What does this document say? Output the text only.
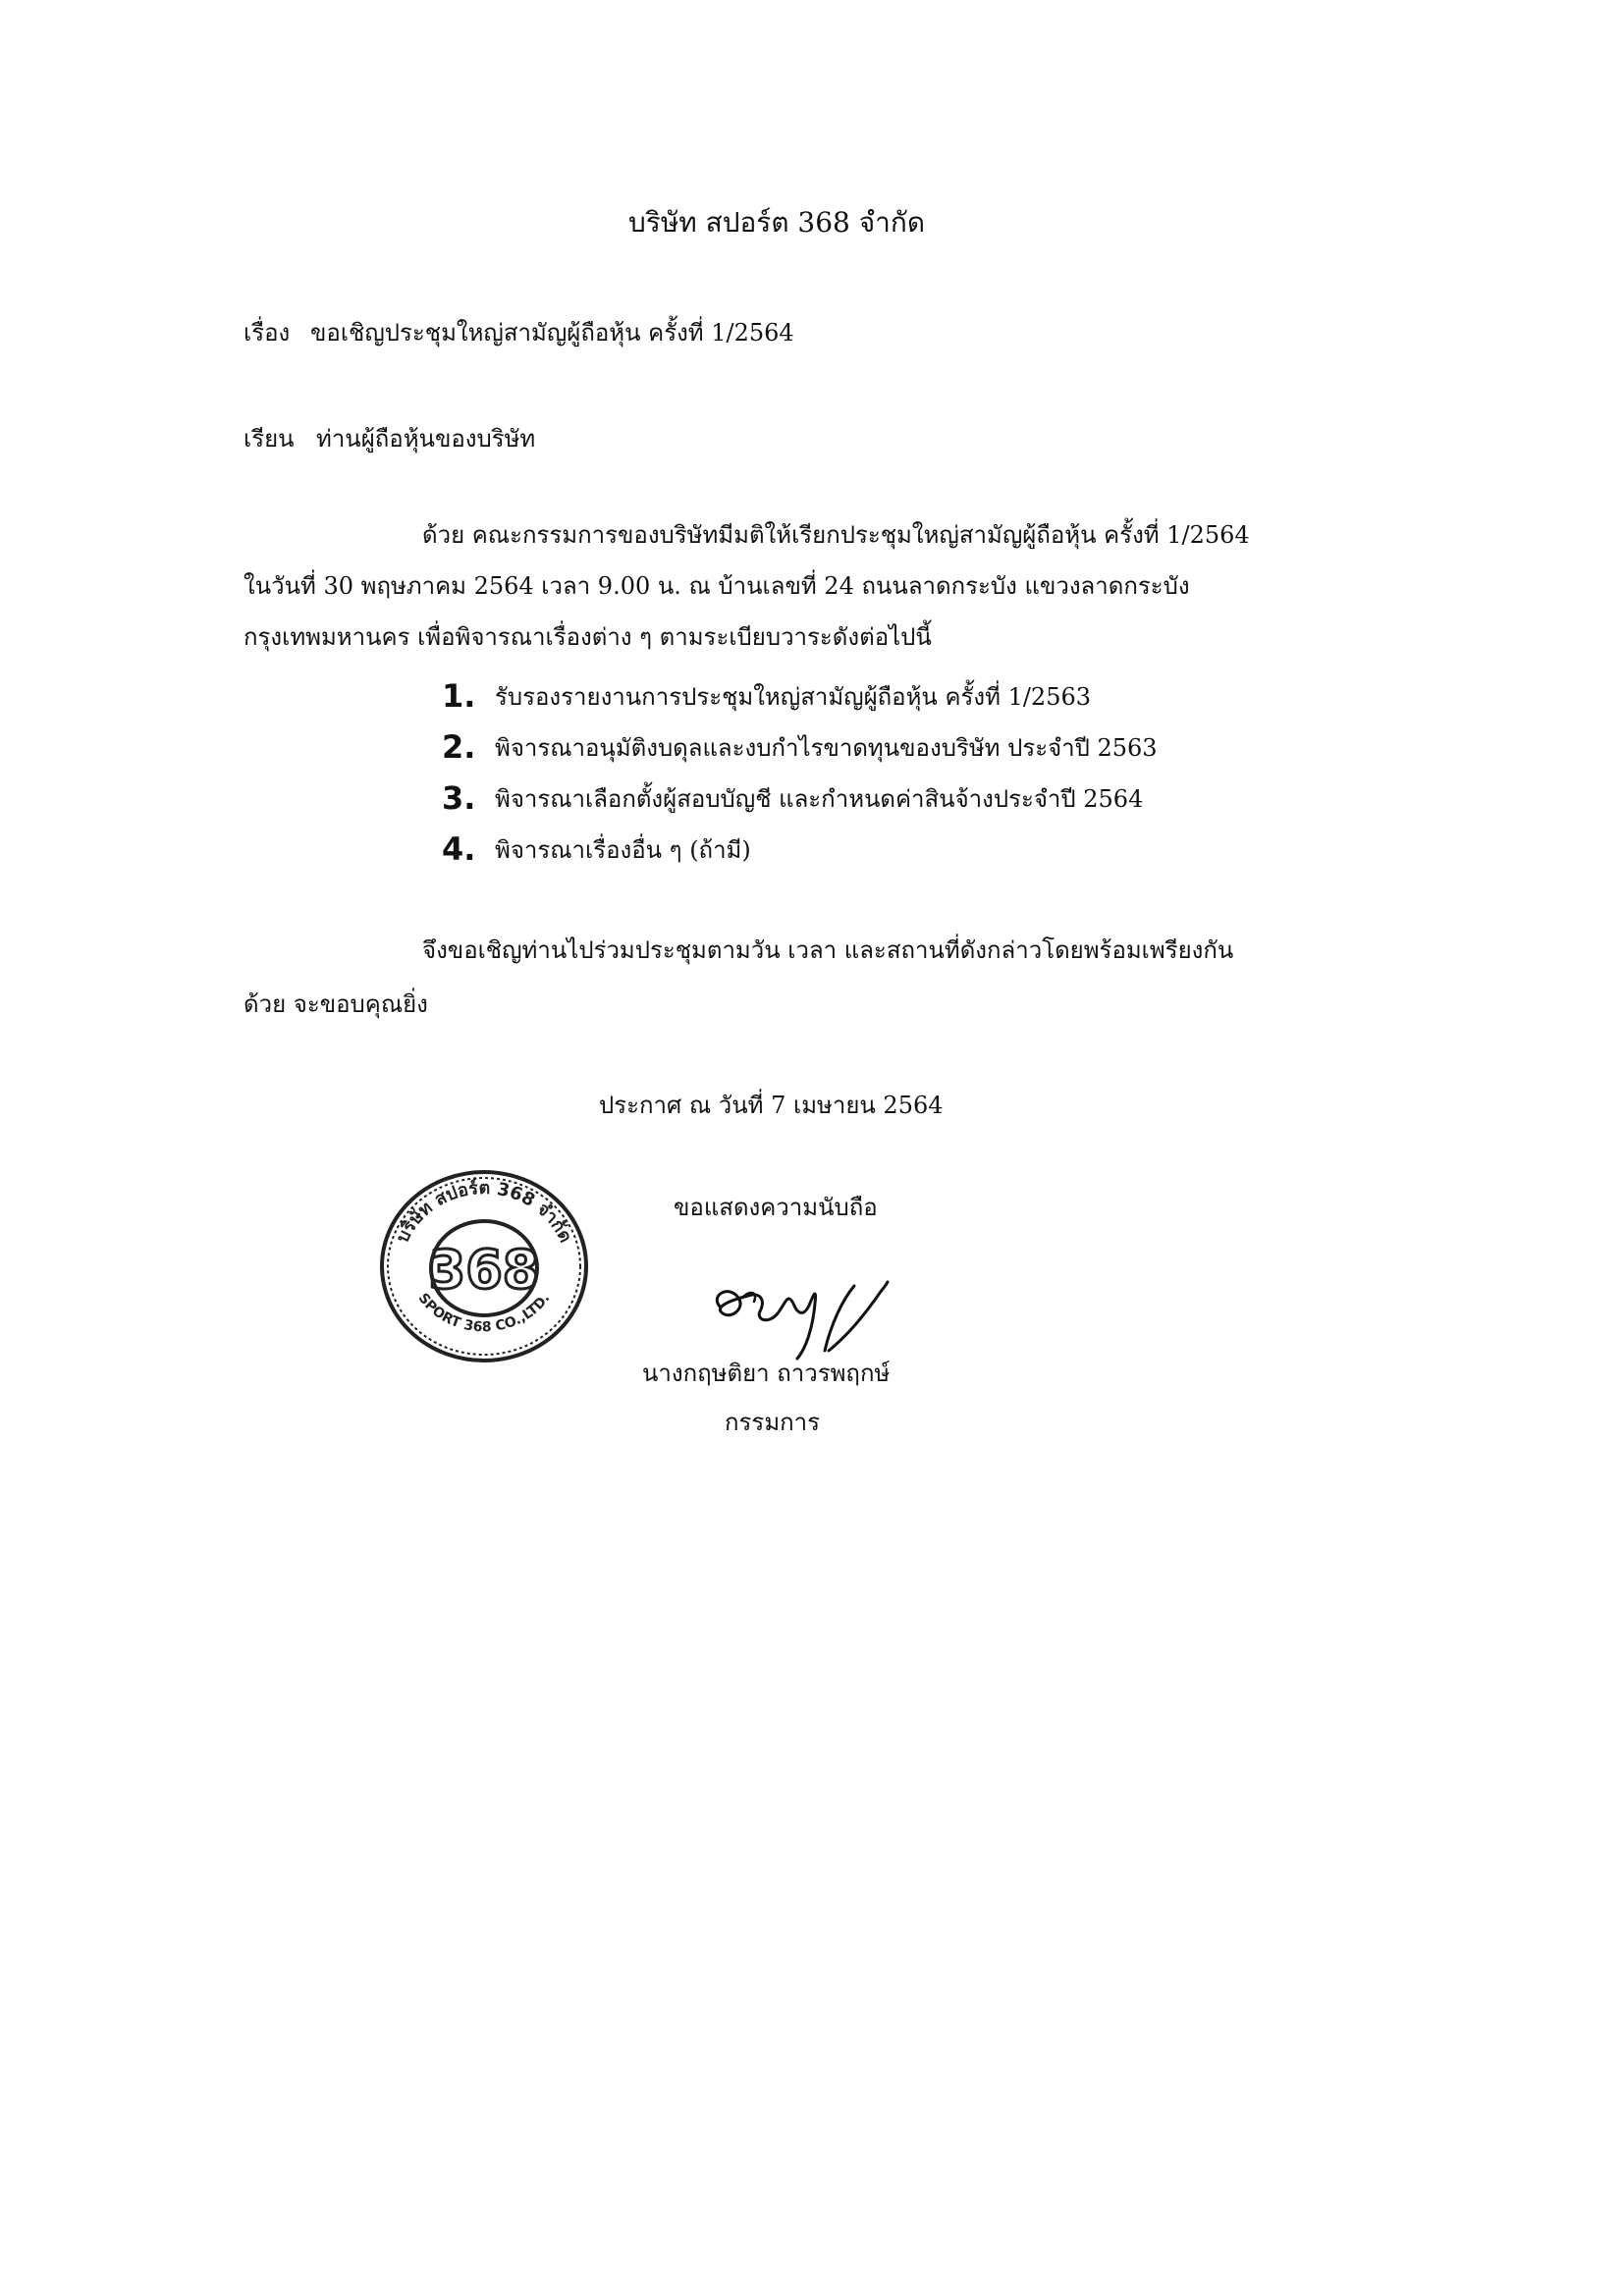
บริษัท สปอร์ต 368 จำกัด
เรื่อง ขอเชิญประชุมใหญ่สามัญผู้ถือหุ้น ครั้งที่ 1/2564
เรียน ท่านผู้ถือหุ้นของบริษัท
ด้วย คณะกรรมการของบริษัทมีมติให้เรียกประชุมใหญ่สามัญผู้ถือหุ้น ครั้งที่ 1/2564
ในวันที่ 30 พฤษภาคม 2564 เวลา 9.00 น. ณ บ้านเลขที่ 24 ถนนลาดกระบัง แขวงลาดกระบัง
กรุงเทพมหานคร เพื่อพิจารณาเรื่องต่าง ๆ ตามระเบียบวาระดังต่อไปนี้
1. รับรองรายงานการประชุมใหญ่สามัญผู้ถือหุ้น ครั้งที่ 1/2563
2. พิจารณาอนุมัติงบดุลและงบกำไรขาดทุนของบริษัท ประจำปี 2563
3. พิจารณาเลือกตั้งผู้สอบบัญชี และกำหนดค่าสินจ้างประจำปี 2564
4. พิจารณาเรื่องอื่น ๆ (ถ้ามี)
จึงขอเชิญท่านไปร่วมประชุมตามวัน เวลา และสถานที่ดังกล่าวโดยพร้อมเพรียงกัน
ด้วย จะขอบคุณยิ่ง
ประกาศ ณ วันที่ 7 เมษายน 2564
ขอแสดงความนับถือ
บริษัท สปอร์ต 368 จำกัด
368
SPORT 368 CO.,LTD.
นางกฤษติยา ถาวรพฤกษ์
กรรมการ
